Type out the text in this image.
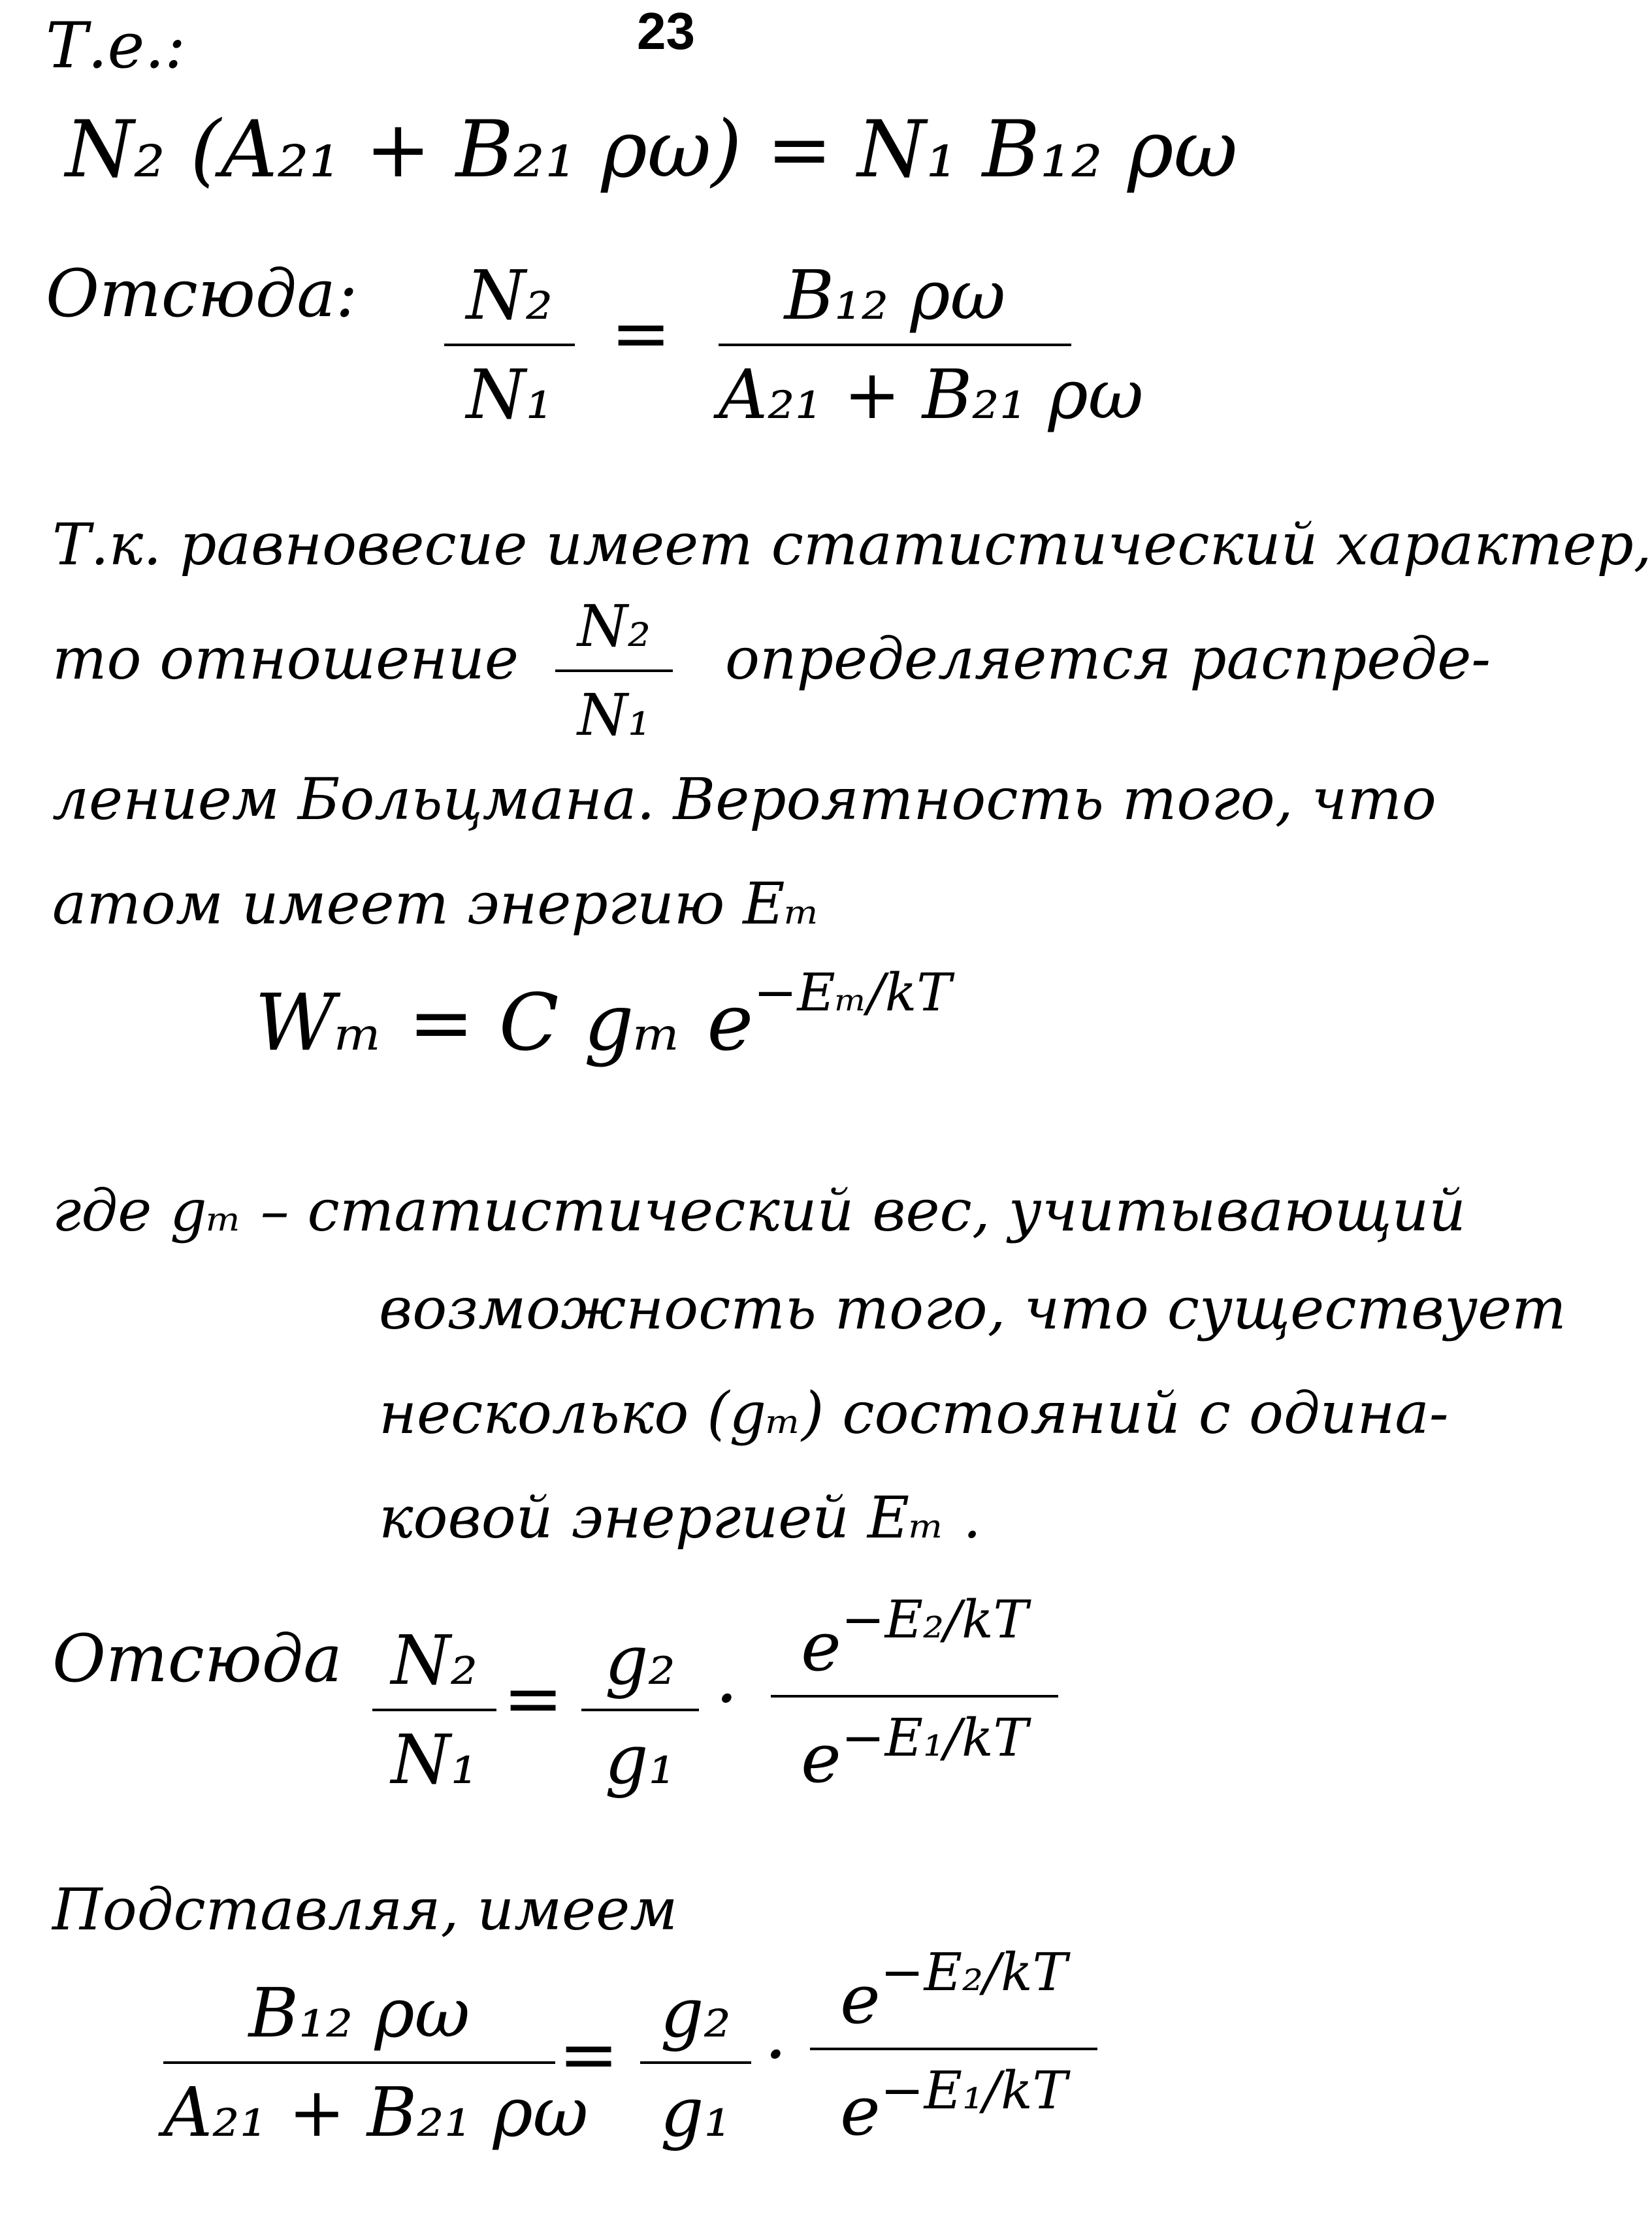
23
Т.е.:
N₂ (A₂₁ + B₂₁ ρω) = N₁ B₁₂ ρω
Отсюда:	N₂
N₁
=	B₁₂ ρω
A₂₁ + B₂₁ ρω
Т.к. равновесие имеет статистический характер,
то отношение	N₂
N₁
определяется распреде-
лением Больцмана. Вероятность того, что
атом имеет энергию Eₘ
Wₘ = C gₘ $e^{-E_m/kT}$
где gₘ – статистический вес, учитывающий
возможность того, что существует
несколько (gₘ) состояний с одина-
ковой энергией Eₘ .
Отсюда N₂
N₁
= g₂
g₁
·
$e^{-E_2/kT}$
$e^{-E_1/kT}$
Подставляя, имеем
B₁₂ ρω
A₂₁ + B₂₁ ρω
= g₂
g₁
·
$e^{-E_2/kT}$
$e^{-E_1/kT}$
